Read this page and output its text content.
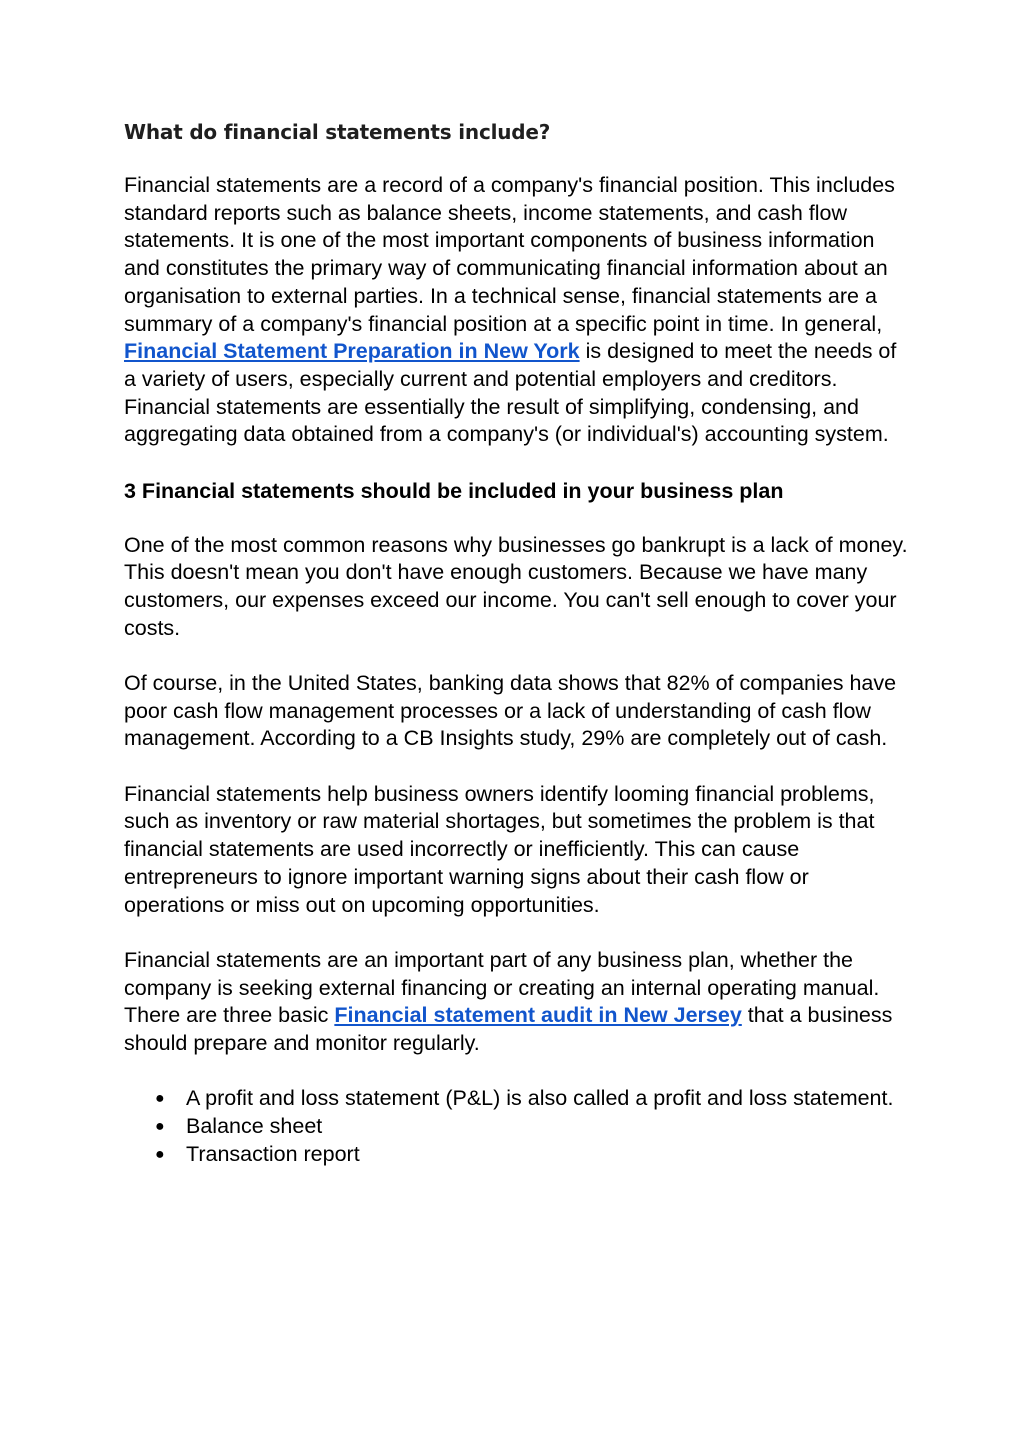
What do financial statements include?

Financial statements are a record of a company's financial position. This includes standard reports such as balance sheets, income statements, and cash flow statements. It is one of the most important components of business information and constitutes the primary way of communicating financial information about an organisation to external parties. In a technical sense, financial statements are a summary of a company's financial position at a specific point in time. In general, Financial Statement Preparation in New York is designed to meet the needs of a variety of users, especially current and potential employers and creditors. Financial statements are essentially the result of simplifying, condensing, and aggregating data obtained from a company's (or individual's) accounting system.

3 Financial statements should be included in your business plan

One of the most common reasons why businesses go bankrupt is a lack of money. This doesn't mean you don't have enough customers. Because we have many customers, our expenses exceed our income. You can't sell enough to cover your costs.

Of course, in the United States, banking data shows that 82% of companies have poor cash flow management processes or a lack of understanding of cash flow management. According to a CB Insights study, 29% are completely out of cash.

Financial statements help business owners identify looming financial problems, such as inventory or raw material shortages, but sometimes the problem is that financial statements are used incorrectly or inefficiently. This can cause entrepreneurs to ignore important warning signs about their cash flow or operations or miss out on upcoming opportunities.

Financial statements are an important part of any business plan, whether the company is seeking external financing or creating an internal operating manual. There are three basic Financial statement audit in New Jersey that a business should prepare and monitor regularly.

● A profit and loss statement (P&L) is also called a profit and loss statement.
● Balance sheet
● Transaction report
